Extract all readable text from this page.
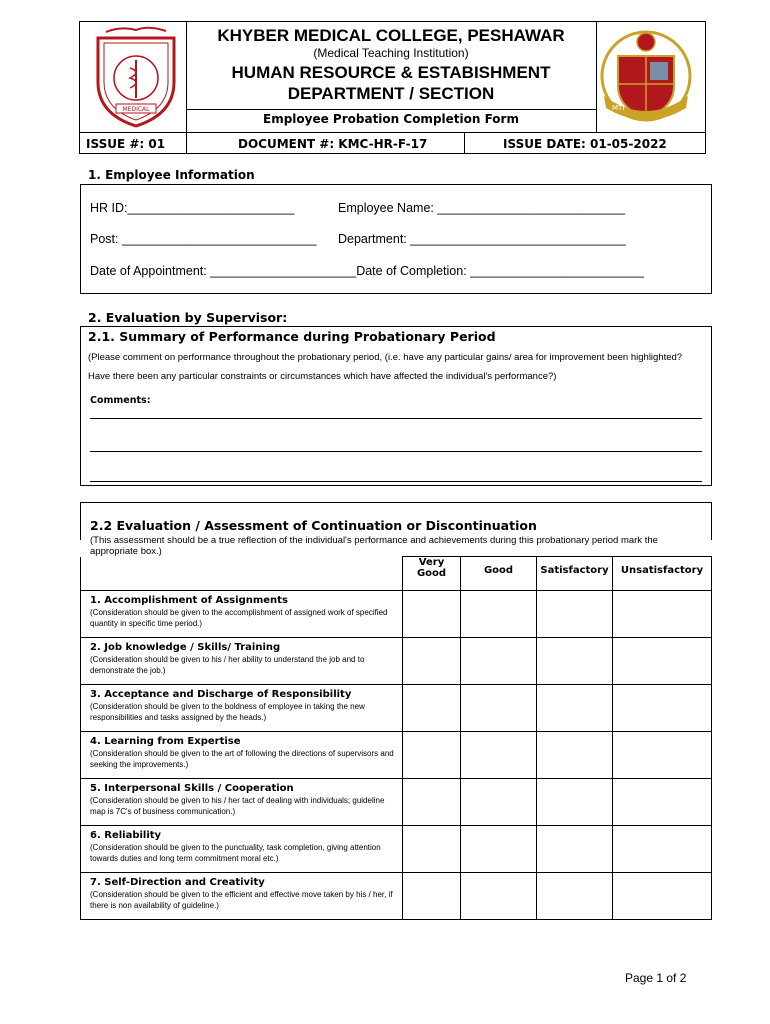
MEDICAL	MTI
KHYBER MEDICAL COLLEGE, PESHAWAR
(Medical Teaching Institution)
HUMAN RESOURCE & ESTABISHMENT
DEPARTMENT / SECTION
Employee Probation Completion Form
ISSUE #: 01	DOCUMENT #: KMC-HR-F-17	ISSUE DATE: 01-05-2022
1. Employee Information
HR ID:________________________	Employee Name: ___________________________
Post: ____________________________ Department: _______________________________
Date of Appointment: _____________________Date of Completion: _________________________
2. Evaluation by Supervisor:
2.1. Summary of Performance during Probationary Period
(Please comment on performance throughout the probationary period, (i.e. have any particular gains/ area for improvement been highlighted? Have there been any particular constraints or circumstances which have affected the individual's performance?)
Comments:
2.2 Evaluation / Assessment of Continuation or Discontinuation
(This assessment should be a true reflection of the individual's performance and achievements during this probationary period mark the appropriate box.)
	Very Good	Good	Satisfactory	Unsatisfactory

1. Accomplishment of Assignments
(Consideration should be given to the accomplishment of assigned work of specified quantity in specific time period.)				

2. Job knowledge / Skills/ Training
(Consideration should be given to his / her ability to understand the job and to demonstrate the job.)				

3. Acceptance and Discharge of Responsibility
(Consideration should be given to the boldness of employee in taking the new responsibilities and tasks assigned by the heads.)				

4. Learning from Expertise
(Consideration should be given to the art of following the directions of supervisors and seeking the improvements.)				

5. Interpersonal Skills / Cooperation
(Consideration should be given to his / her tact of dealing with individuals; guideline map is 7C's of business communication.)				

6. Reliability
(Consideration should be given to the punctuality, task completion, giving attention towards duties and long term commitment moral etc.)				

7. Self-Direction and Creativity
(Consideration should be given to the efficient and effective move taken by his / her, if there is non availability of guideline.)				

Page 1 of 2
